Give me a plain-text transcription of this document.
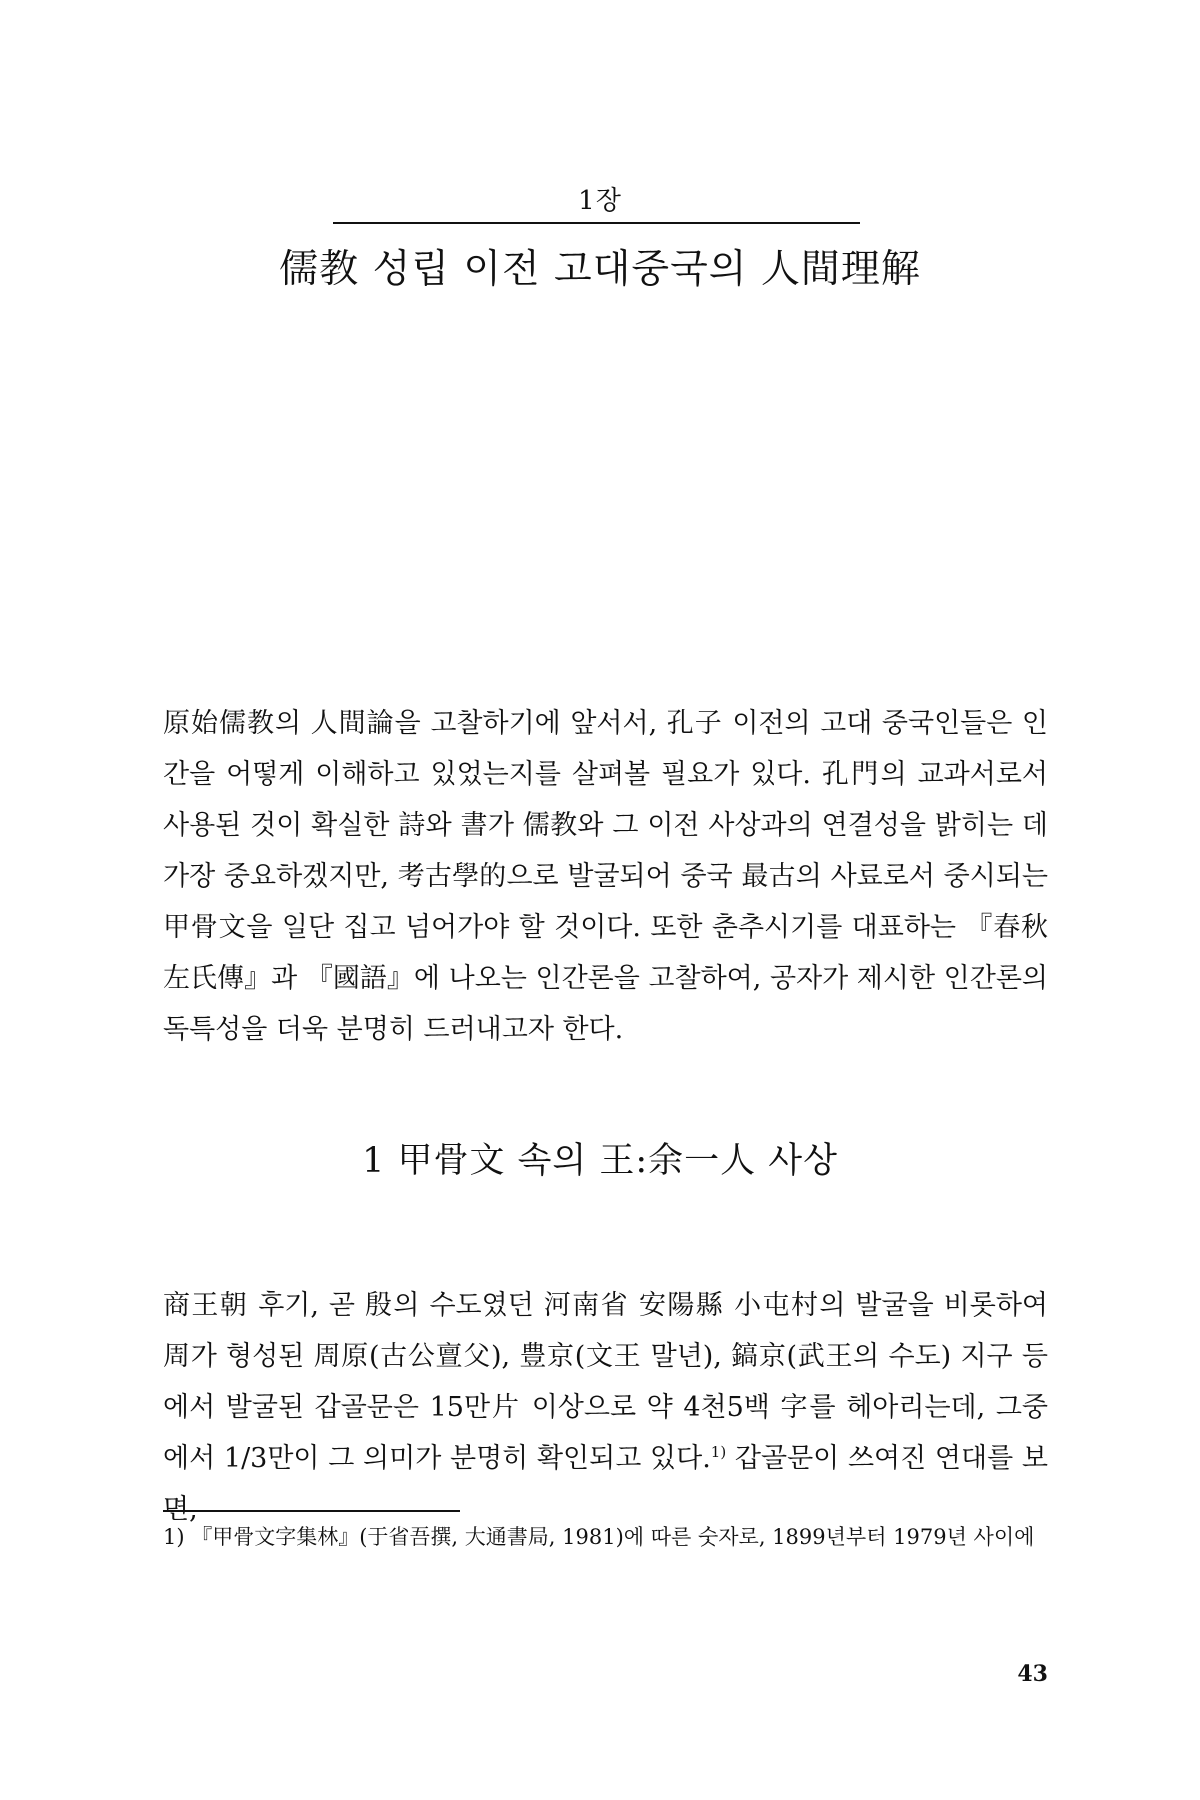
1장
儒教 성립 이전 고대중국의 人間理解

原始儒教의 人間論을 고찰하기에 앞서서, 孔子 이전의 고대 중국인들은 인간을 어떻게 이해하고 있었는지를 살펴볼 필요가 있다. 孔門의 교과서로서 사용된 것이 확실한 詩와 書가 儒教와 그 이전 사상과의 연결성을 밝히는 데 가장 중요하겠지만, 考古學的으로 발굴되어 중국 最古의 사료로서 중시되는 甲骨文을 일단 집고 넘어가야 할 것이다. 또한 춘추시기를 대표하는 『春秋左氏傳』과 『國語』에 나오는 인간론을 고찰하여, 공자가 제시한 인간론의 독특성을 더욱 분명히 드러내고자 한다.

1 甲骨文 속의 王:余一人 사상

商王朝 후기, 곧 殷의 수도였던 河南省 安陽縣 小屯村의 발굴을 비롯하여 周가 형성된 周原(古公亶父), 豊京(文王 말년), 鎬京(武王의 수도) 지구 등에서 발굴된 갑골문은 15만片 이상으로 약 4천5백 字를 헤아리는데, 그중에서 1/3만이 그 의미가 분명히 확인되고 있다.$^{1)}$ 갑골문이 쓰여진 연대를 보면,

1) 『甲骨文字集林』(于省吾撰, 大通書局, 1981)에 따른 숫자로, 1899년부터 1979년 사이에
43
